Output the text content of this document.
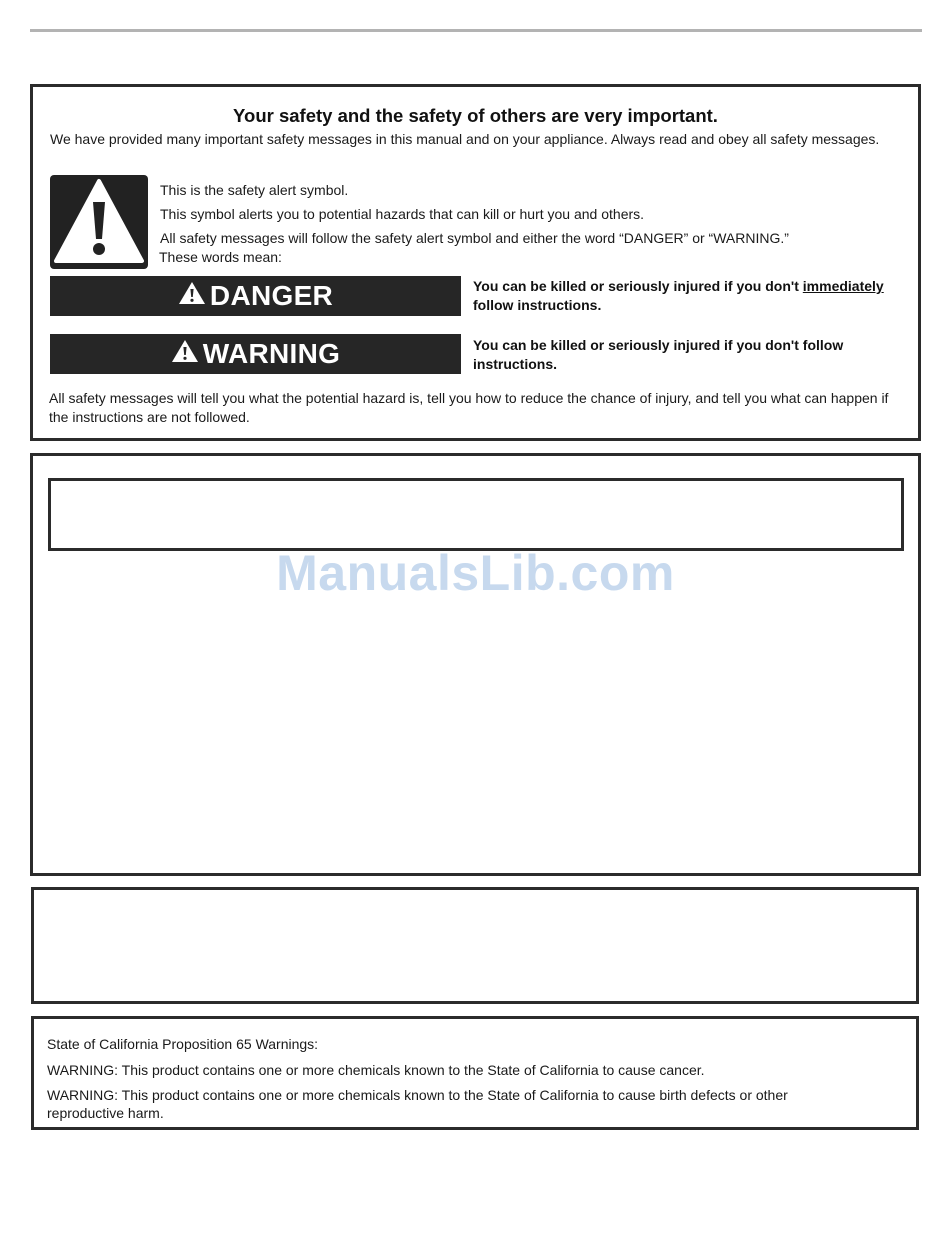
Your safety and the safety of others are very important.
We have provided many important safety messages in this manual and on your appliance. Always read and obey all safety messages.
This is the safety alert symbol.
This symbol alerts you to potential hazards that can kill or hurt you and others.
All safety messages will follow the safety alert symbol and either the word “DANGER” or “WARNING.”
These words mean:
DANGER	You can be killed or seriously injured if you don't immediately follow instructions.
WARNING	You can be killed or seriously injured if you don't follow instructions.
All safety messages will tell you what the potential hazard is, tell you how to reduce the chance of injury, and tell you what can happen if the instructions are not followed.
ManualsLib.com
State of California Proposition 65 Warnings:
WARNING: This product contains one or more chemicals known to the State of California to cause cancer.
WARNING: This product contains one or more chemicals known to the State of California to cause birth defects or other reproductive harm.
